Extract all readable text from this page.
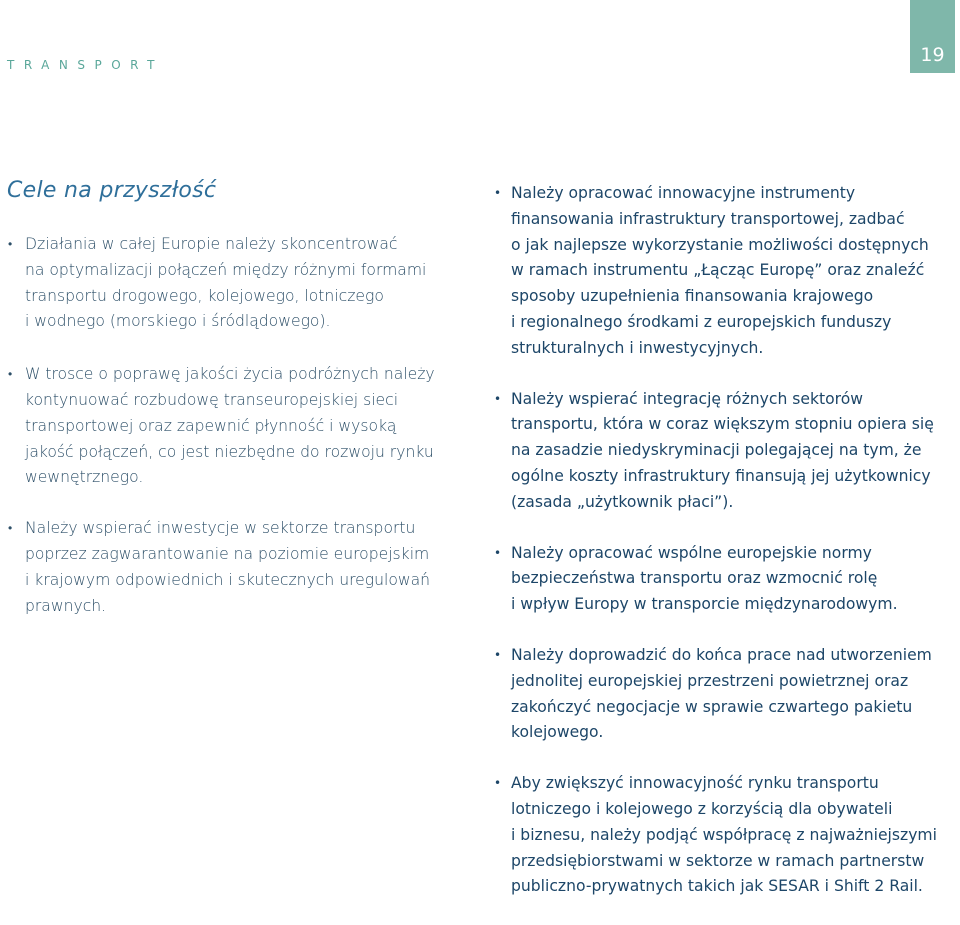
TRANSPORT	19
Cele na przyszłość
• Działania w całej Europie należy skoncentrować
na optymalizacji połączeń między różnymi formami
transportu drogowego, kolejowego, lotniczego
i wodnego (morskiego i śródlądowego).
• W trosce o poprawę jakości życia podróżnych należy
kontynuować rozbudowę transeuropejskiej sieci
transportowej oraz zapewnić płynność i wysoką
jakość połączeń, co jest niezbędne do rozwoju rynku
wewnętrznego.
• Należy wspierać inwestycje w sektorze transportu
poprzez zagwarantowanie na poziomie europejskim
i krajowym odpowiednich i skutecznych uregulowań
prawnych.
• Należy opracować innowacyjne instrumenty
finansowania infrastruktury transportowej, zadbać
o jak najlepsze wykorzystanie możliwości dostępnych
w ramach instrumentu „Łącząc Europę” oraz znaleźć
sposoby uzupełnienia finansowania krajowego
i regionalnego środkami z europejskich funduszy
strukturalnych i inwestycyjnych.
• Należy wspierać integrację różnych sektorów
transportu, która w coraz większym stopniu opiera się
na zasadzie niedyskryminacji polegającej na tym, że
ogólne koszty infrastruktury finansują jej użytkownicy
(zasada „użytkownik płaci”).
• Należy opracować wspólne europejskie normy
bezpieczeństwa transportu oraz wzmocnić rolę
i wpływ Europy w transporcie międzynarodowym.
• Należy doprowadzić do końca prace nad utworzeniem
jednolitej europejskiej przestrzeni powietrznej oraz
zakończyć negocjacje w sprawie czwartego pakietu
kolejowego.
• Aby zwiększyć innowacyjność rynku transportu
lotniczego i kolejowego z korzyścią dla obywateli
i biznesu, należy podjąć współpracę z najważniejszymi
przedsiębiorstwami w sektorze w ramach partnerstw
publiczno-prywatnych takich jak SESAR i Shift 2 Rail.
